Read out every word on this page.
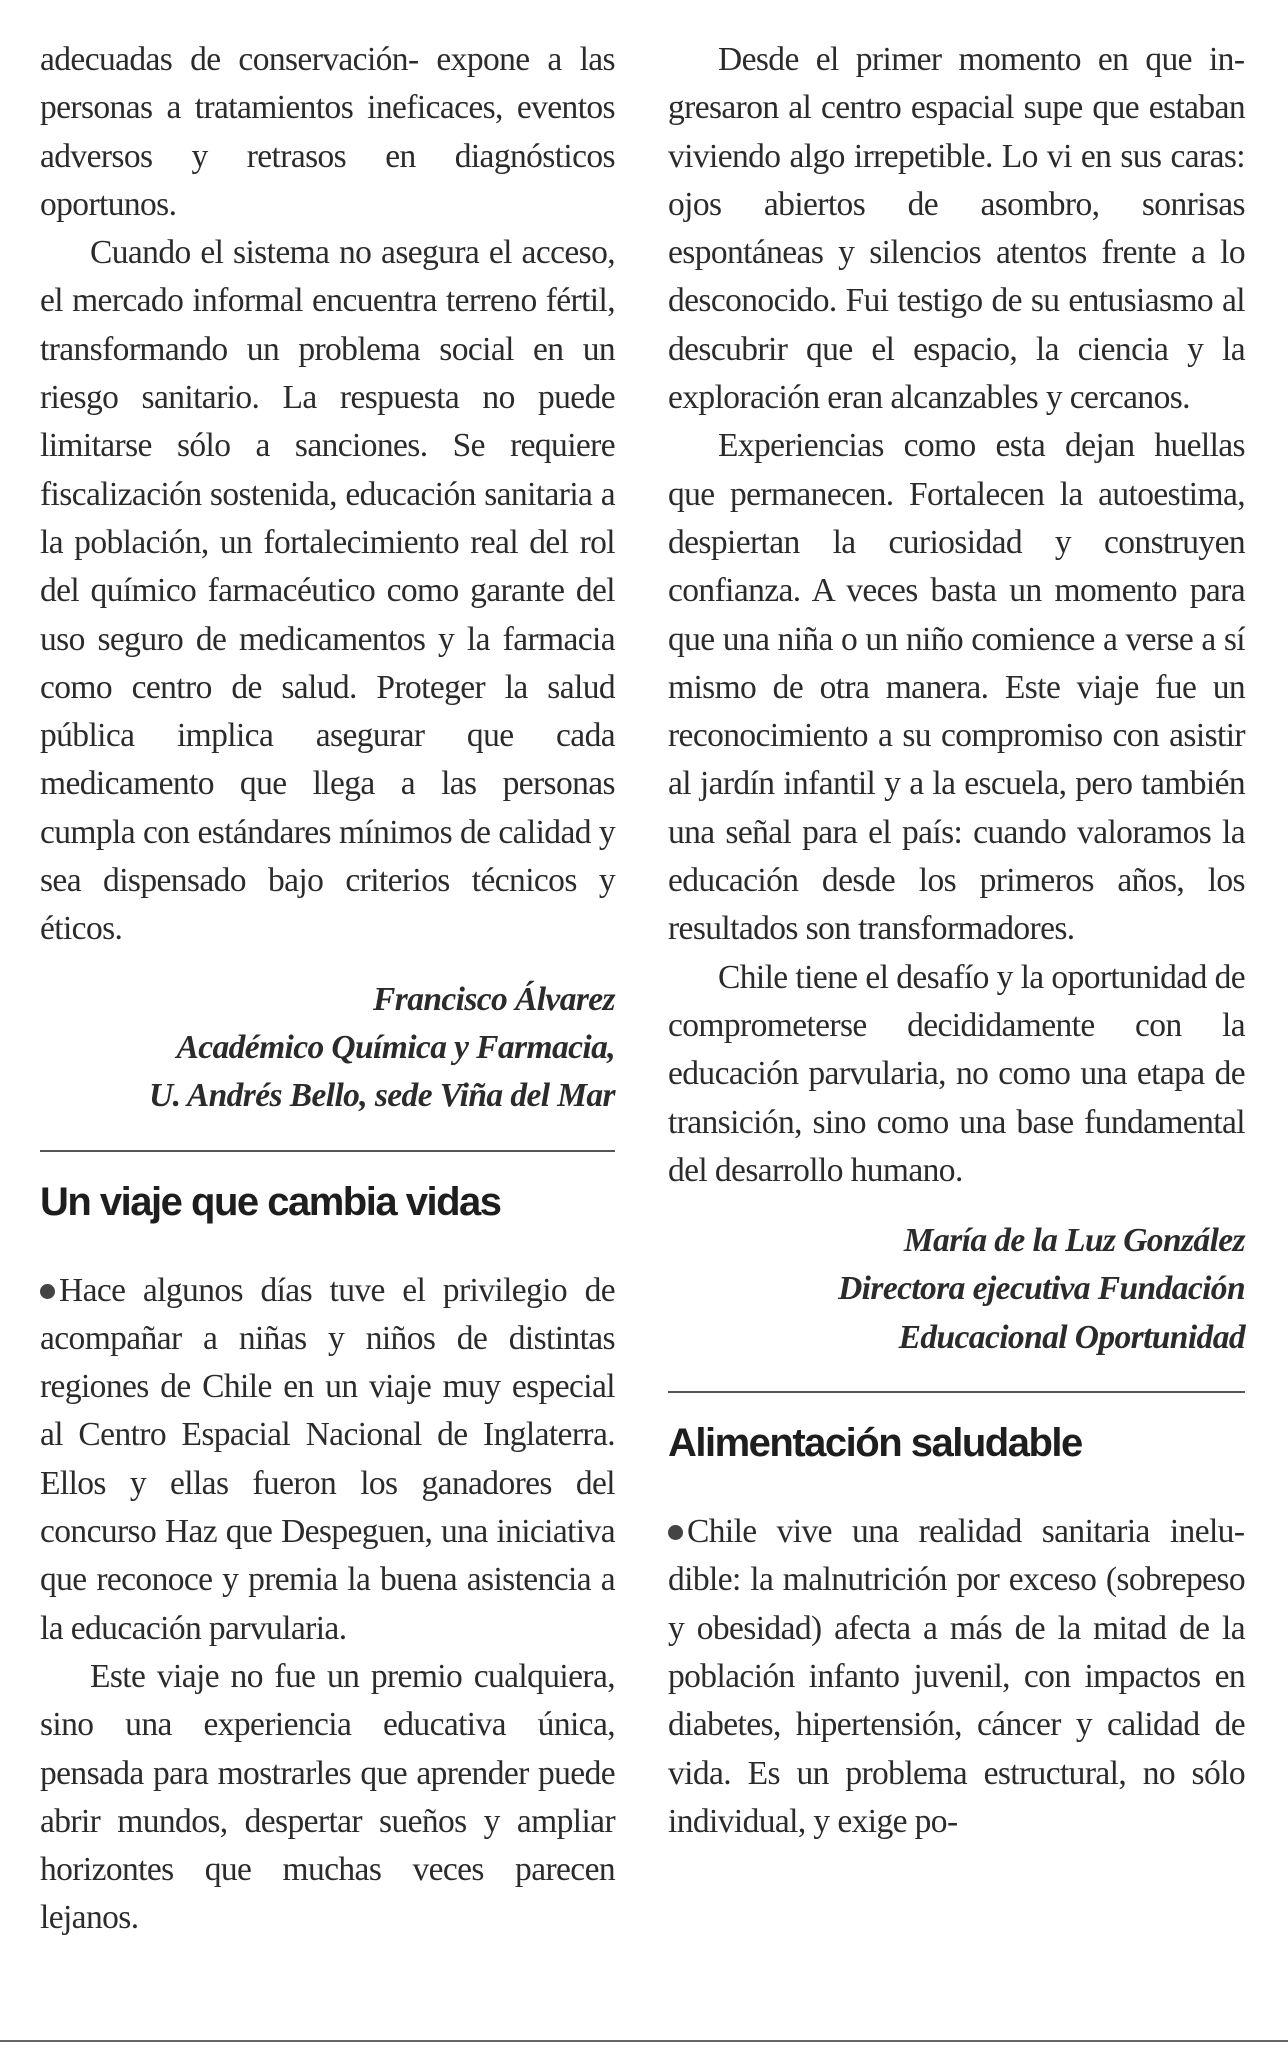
adecuadas de conservación- expone a las personas a tratamientos ineficaces, eventos adversos y retrasos en diagnósticos oportunos.

Cuando el sistema no asegura el acceso, el mercado informal encuentra terreno fértil, transformando un problema social en un riesgo sanitario. La respuesta no puede limitarse sólo a sanciones. Se requiere fiscalización sostenida, educación sanitaria a la población, un fortalecimiento real del rol del químico farmacéutico como garante del uso seguro de medicamentos y la farmacia como centro de salud. Proteger la salud pública implica asegurar que cada medicamento que llega a las personas cumpla con estándares mínimos de calidad y sea dispensado bajo criterios técnicos y éticos.

Francisco Álvarez

Académico Química y Farmacia,

U. Andrés Bello, sede Viña del Mar

Un viaje que cambia vidas

Hace algunos días tuve el privilegio de acompañar a niñas y niños de distintas regiones de Chile en un viaje muy especial al Centro Espacial Nacional de Inglaterra. Ellos y ellas fueron los ganadores del concurso Haz que Despeguen, una iniciativa que reconoce y premia la buena asistencia a la educación parvularia.

Este viaje no fue un premio cualquiera, sino una experiencia educativa única, pensada para mostrarles que aprender puede abrir mundos, despertar sueños y ampliar horizontes que muchas veces parecen lejanos.

Desde el primer momento en que ingresaron al centro espacial supe que estaban viviendo algo irrepetible. Lo vi en sus caras: ojos abiertos de asombro, sonrisas espontáneas y silencios atentos frente a lo desconocido. Fui testigo de su entusiasmo al descubrir que el espacio, la ciencia y la exploración eran alcanzables y cercanos.

Experiencias como esta dejan huellas que permanecen. Fortalecen la autoestima, despiertan la curiosidad y construyen confianza. A veces basta un momento para que una niña o un niño comience a verse a sí mismo de otra manera. Este viaje fue un reconocimiento a su compromiso con asistir al jardín infantil y a la escuela, pero también una señal para el país: cuando valoramos la educación desde los primeros años, los resultados son transformadores.

Chile tiene el desafío y la oportunidad de comprometerse decididamente con la educación parvularia, no como una etapa de transición, sino como una base fundamental del desarrollo humano.

María de la Luz González

Directora ejecutiva Fundación

Educacional Oportunidad

Alimentación saludable

Chile vive una realidad sanitaria ineludible: la malnutrición por exceso (sobrepeso y obesidad) afecta a más de la mitad de la población infanto juvenil, con impactos en diabetes, hipertensión, cáncer y calidad de vida. Es un problema estructural, no sólo individual, y exige po-
